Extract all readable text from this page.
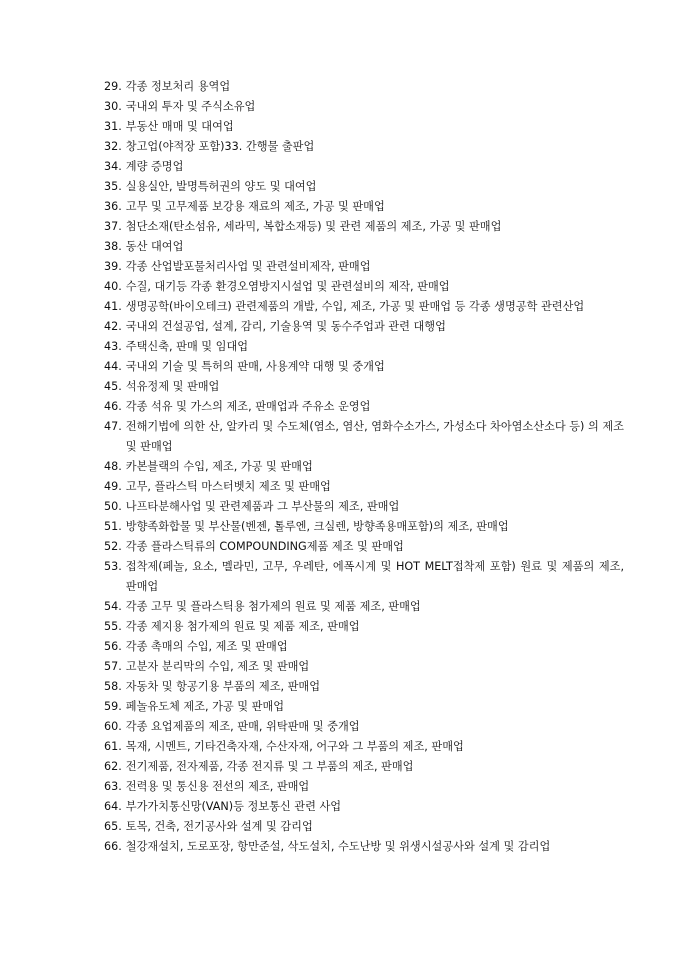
29. 각종 정보처리 용역업
30. 국내외 투자 및 주식소유업
31. 부동산 매매 및 대여업
32. 창고업(야적장 포함)33. 간행물 출판업
34. 계량 증명업
35. 실용실안, 발명특허권의 양도 및 대여업
36. 고무 및 고무제품 보강용 재료의 제조, 가공 및 판매업
37. 첨단소재(탄소섬유, 세라믹, 복합소재등) 및 관련 제품의 제조, 가공 및 판매업
38. 동산 대여업
39. 각종 산업발포물처리사업 및 관련설비제작, 판매업
40. 수질, 대기등 각종 환경오염방지시설업 및 관련설비의 제작, 판매업
41. 생명공학(바이오테크) 관련제품의 개발, 수입, 제조, 가공 및 판매업 등 각종 생명공학 관련산업
42. 국내외 건설공업, 설계, 감리, 기술용역 및 동수주업과 관련 대행업
43. 주택신축, 판매 및 임대업
44. 국내외 기술 및 특허의 판매, 사용계약 대행 및 중개업
45. 석유정제 및 판매업
46. 각종 석유 및 가스의 제조, 판매업과 주유소 운영업
47. 전해기법에 의한 산, 알카리 및 수도체(염소, 염산, 염화수소가스, 가성소다 차아염소산소다 등) 의 제조 및 판매업
48. 카본블랙의 수입, 제조, 가공 및 판매업
49. 고무, 플라스틱 마스터벳치 제조 및 판매업
50. 나프타분해사업 및 관련제품과 그 부산물의 제조, 판매업
51. 방향족화합물 및 부산물(벤젠, 톨루엔, 크실렌, 방향족용매포함)의 제조, 판매업
52. 각종 플라스틱류의 COMPOUNDING제품 제조 및 판매업
53. 접착제(페놀, 요소, 멜라민, 고무, 우레탄, 에폭시계 및 HOT MELT접착제 포함) 원료 및 제품의 제조, 판매업
54. 각종 고무 및 플라스틱용 첨가제의 원료 및 제품 제조, 판매업
55. 각종 제지용 첨가제의 원료 및 제품 제조, 판매업
56. 각종 촉매의 수입, 제조 및 판매업
57. 고분자 분리막의 수입, 제조 및 판매업
58. 자동차 및 항공기용 부품의 제조, 판매업
59. 페놀유도체 제조, 가공 및 판매업
60. 각종 요업제품의 제조, 판매, 위탁판매 및 중개업
61. 목재, 시멘트, 기타건축자재, 수산자재, 어구와 그 부품의 제조, 판매업
62. 전기제품, 전자제품, 각종 전지류 및 그 부품의 제조, 판매업
63. 전력용 및 통신용 전선의 제조, 판매업
64. 부가가치통신망(VAN)등 정보통신 관련 사업
65. 토목, 건축, 전기공사와 설계 및 감리업
66. 철강재설치, 도로포장, 항만준설, 삭도설치, 수도난방 및 위생시설공사와 설계 및 감리업
